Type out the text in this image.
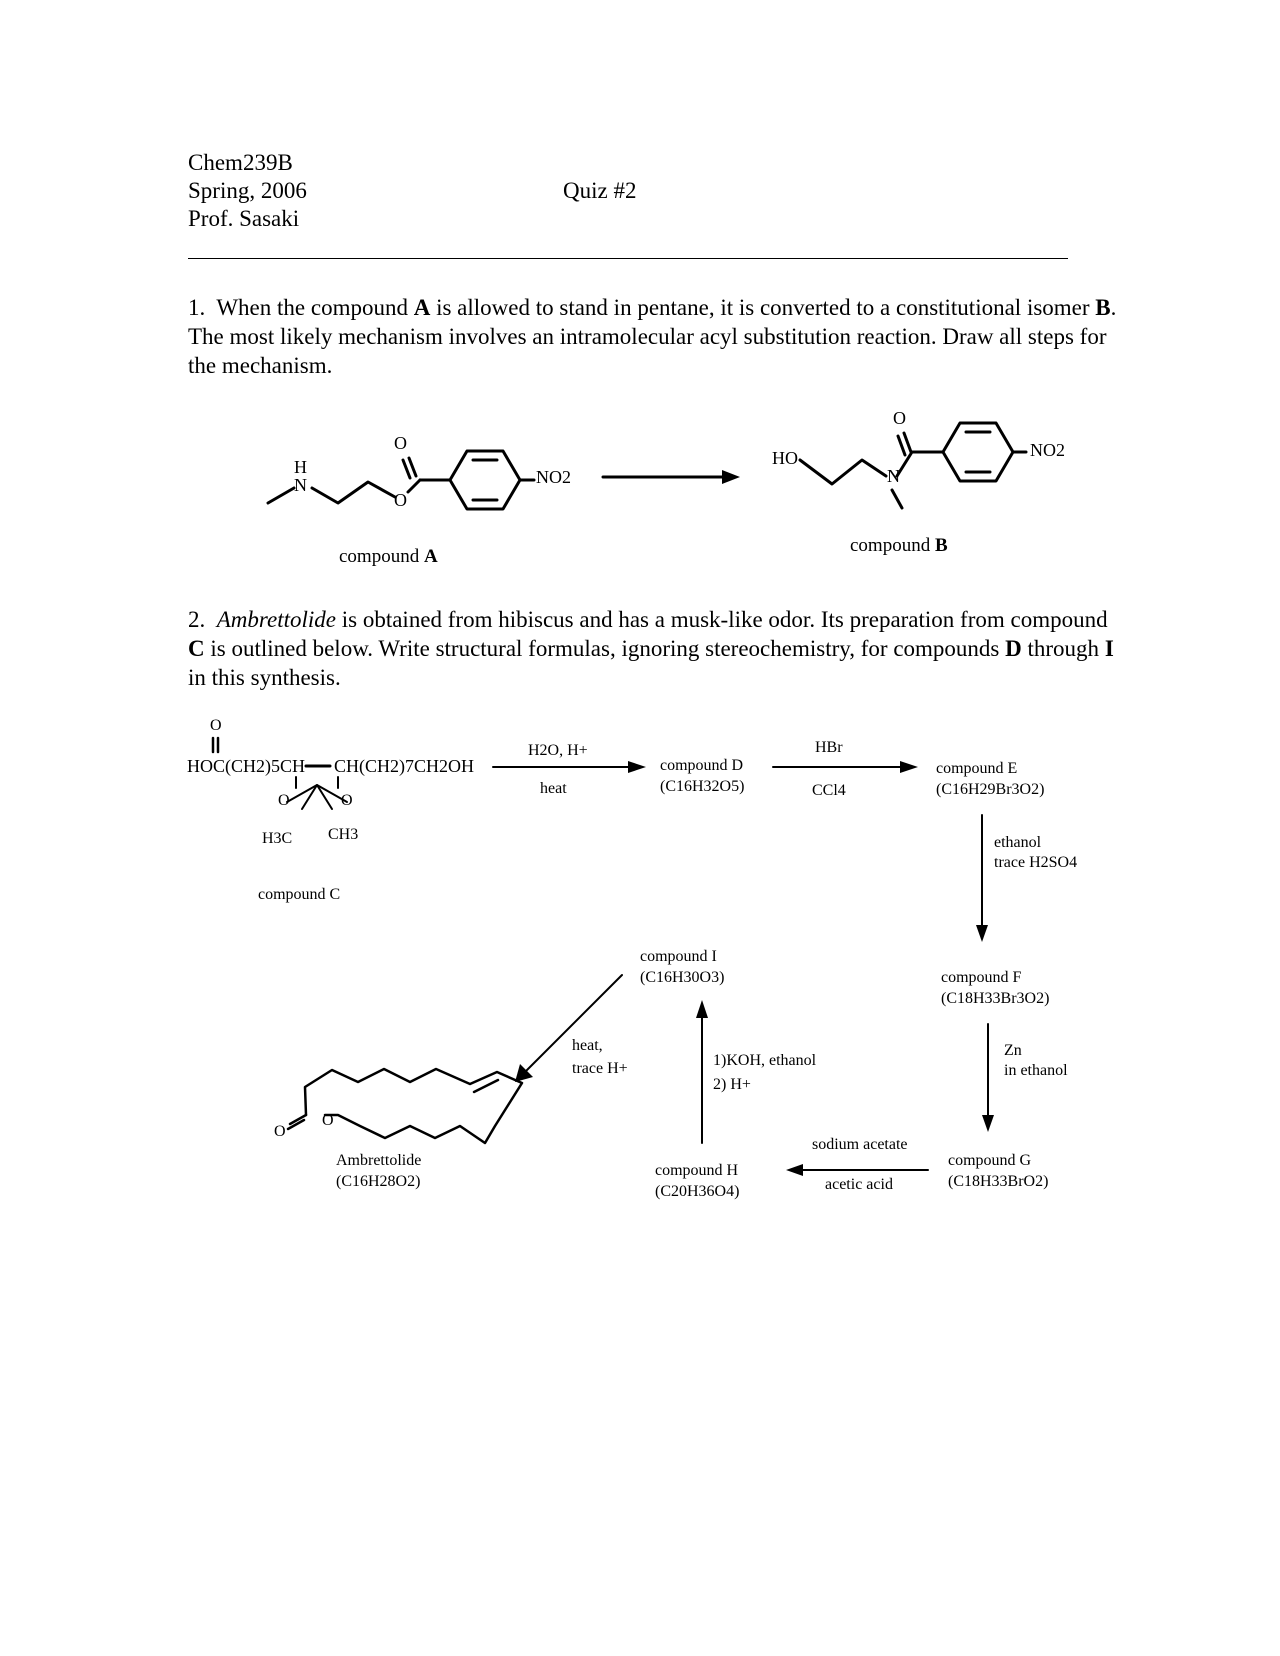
Chem239B
Spring, 2006
Prof. Sasaki
Quiz #2

1. When the compound A is allowed to stand in pentane, it is converted to a constitutional isomer B. The most likely mechanism involves an intramolecular acyl substitution reaction. Draw all steps for the mechanism.

H
N
O
O
NO2
HO
N
O
NO2
compound A
compound B

2. Ambrettolide is obtained from hibiscus and has a musk-like odor. Its preparation from compound C is outlined below. Write structural formulas, ignoring stereochemistry, for compounds D through I in this synthesis.

O
HOC(CH2)5CH CH(CH2)7CH2OH
O	O
H3C CH3
compound C
H2O, H+
heat
compound D
(C16H32O5)
HBr
CCl4
compound E
(C16H29Br3O2)
ethanol
trace H2SO4
compound F
(C18H33Br3O2)
Zn
in ethanol
compound G
(C18H33BrO2)
sodium acetate
acetic acid
compound H
(C20H36O4)
1)KOH, ethanol
2) H+
compound I
(C16H30O3)
heat,
trace H+
O
O
Ambrettolide
(C16H28O2)
